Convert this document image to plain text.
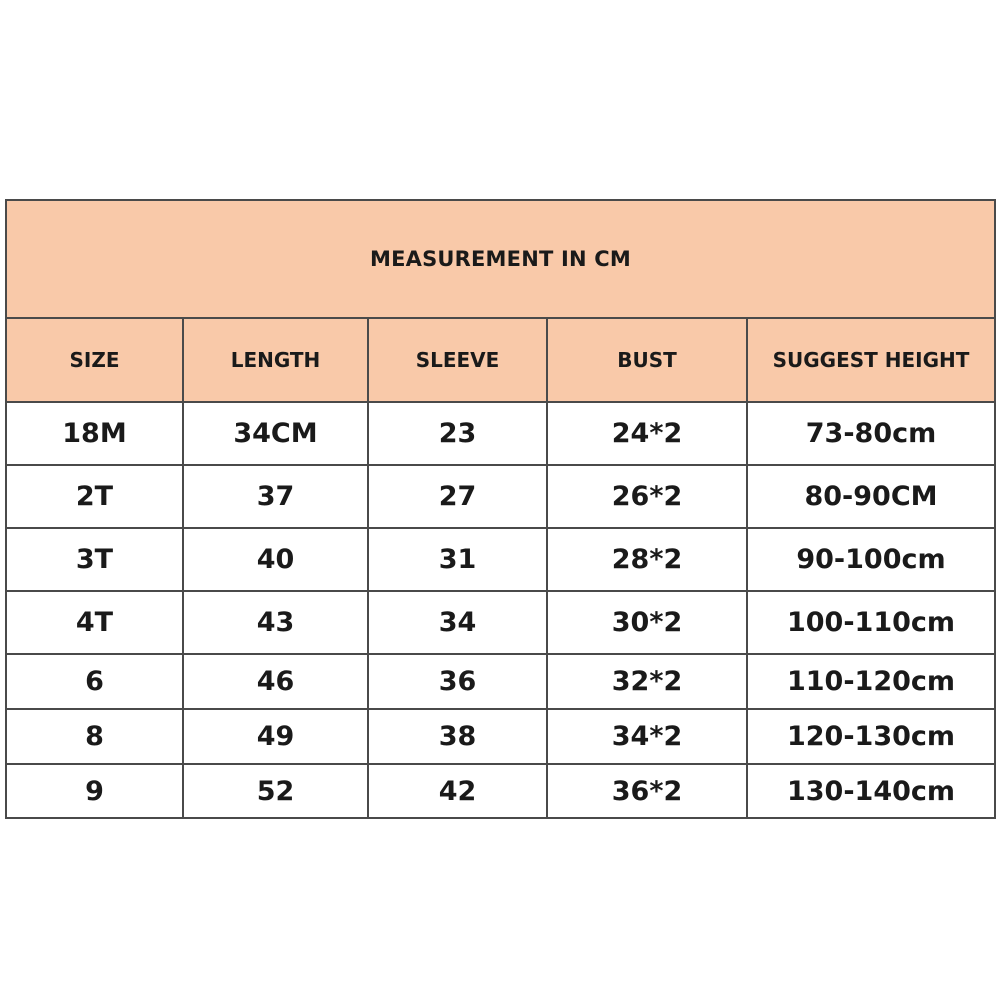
MEASUREMENT IN CM				
SIZE	LENGTH	SLEEVE	BUST	SUGGEST HEIGHT
18M	34CM	23	24*2	73-80cm
2T	37	27	26*2	80-90CM
3T	40	31	28*2	90-100cm
4T	43	34	30*2	100-110cm
6	46	36	32*2	110-120cm
8	49	38	34*2	120-130cm
9	52	42	36*2	130-140cm
